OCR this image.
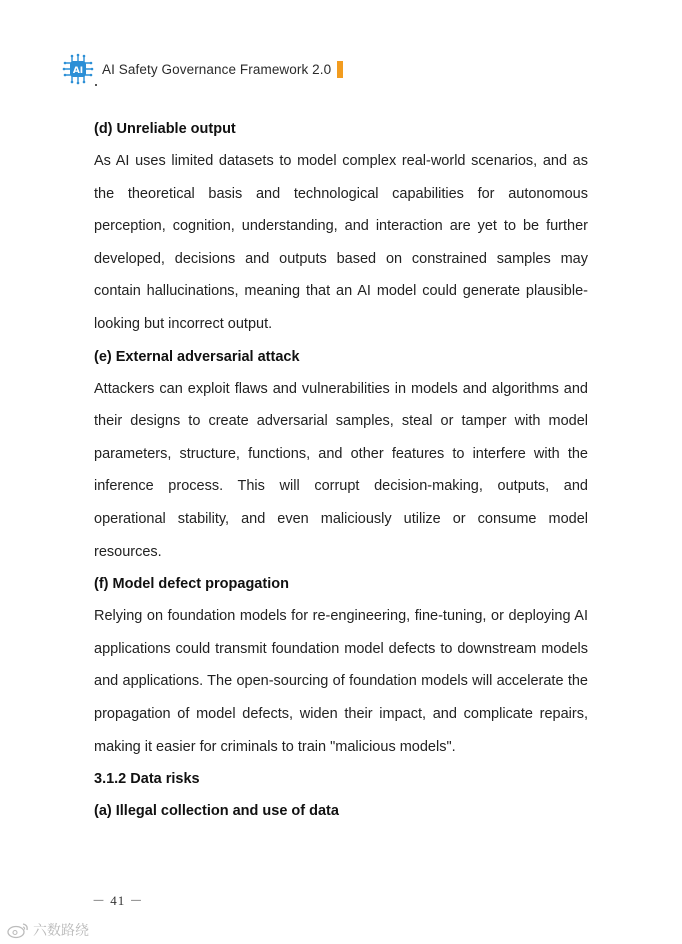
AI AI Safety Governance Framework 2.0
(d) Unreliable output

As AI uses limited datasets to model complex real-world scenarios, and as the theoretical basis and technological capabilities for autonomous perception, cognition, understanding, and interaction are yet to be further developed, decisions and outputs based on constrained samples may contain hallucinations, meaning that an AI model could generate plausible-looking but incorrect output.

(e) External adversarial attack

Attackers can exploit flaws and vulnerabilities in models and algorithms and their designs to create adversarial samples, steal or tamper with model parameters, structure, functions, and other features to interfere with the inference process. This will corrupt decision-making, outputs, and operational stability, and even maliciously utilize or consume model resources.

(f) Model defect propagation

Relying on foundation models for re-engineering, fine-tuning, or deploying AI applications could transmit foundation model defects to downstream models and applications. The open-sourcing of foundation models will accelerate the propagation of model defects, widen their impact, and complicate repairs, making it easier for criminals to train "malicious models".

3.1.2 Data risks
(a) Illegal collection and use of data
－ 41 －
六数路绕
